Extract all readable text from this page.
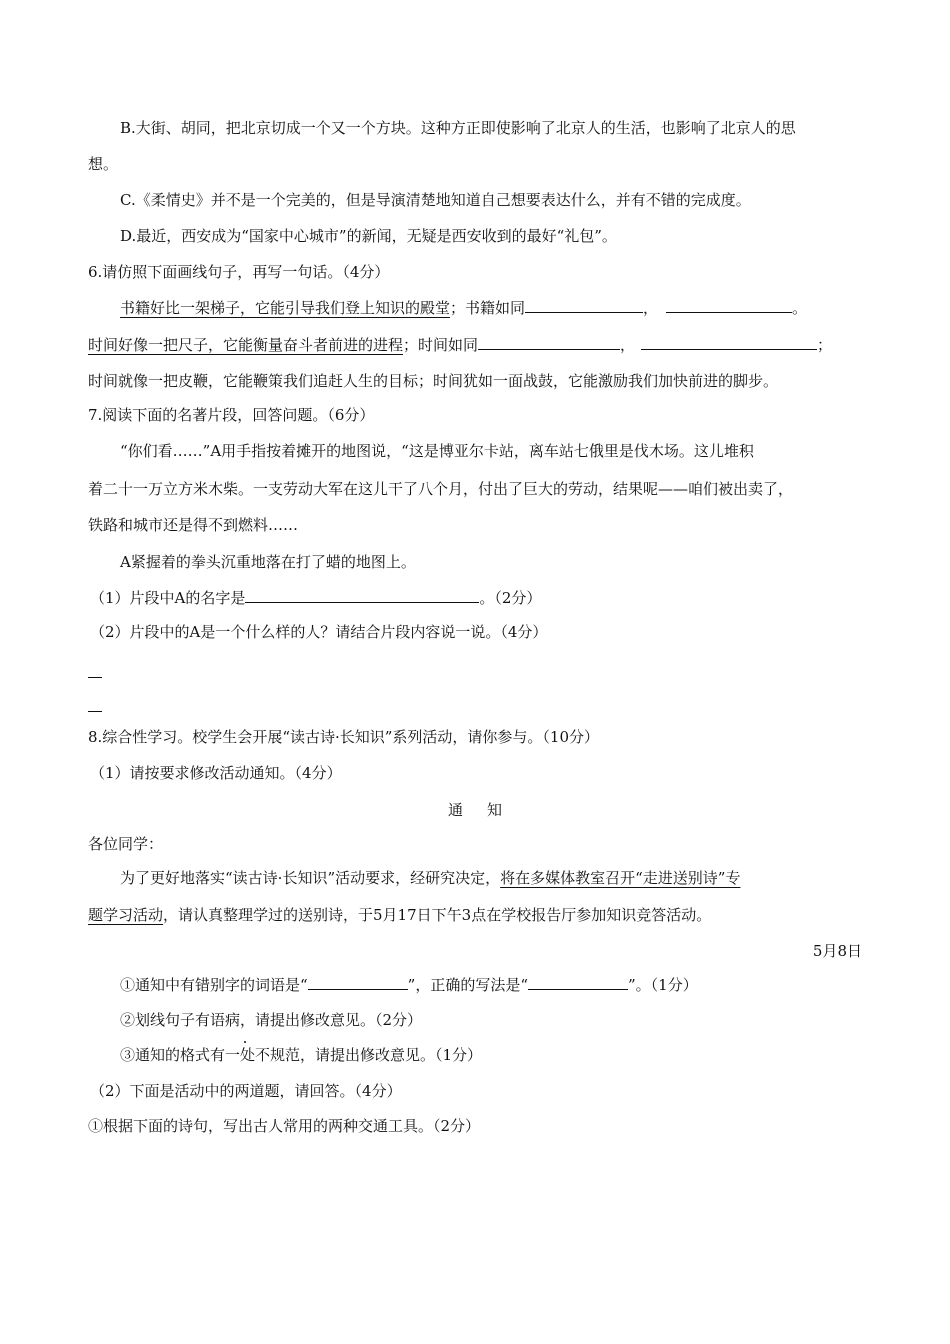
B.大街、胡同，把北京切成一个又一个方块。这种方正即使影响了北京人的生活，也影响了北京人的思
想。
C.《柔情史》并不是一个完美的，但是导演清楚地知道自己想要表达什么，并有不错的完成度。
D.最近，西安成为“国家中心城市”的新闻，无疑是西安收到的最好“礼包”。
6.请仿照下面画线句子，再写一句话。（4分）
书籍好比一架梯子，它能引导我们登上知识的殿堂；书籍如同	，	。
时间好像一把尺子，它能衡量奋斗者前进的进程；时间如同	，	；
时间就像一把皮鞭，它能鞭策我们追赶人生的目标；时间犹如一面战鼓，它能激励我们加快前进的脚步。
7.阅读下面的名著片段，回答问题。（6分）
“你们看……”A用手指按着摊开的地图说，“这是博亚尔卡站，离车站七俄里是伐木场。这儿堆积
着二十一万立方米木柴。一支劳动大军在这儿干了八个月，付出了巨大的劳动，结果呢——咱们被出卖了，
铁路和城市还是得不到燃料……
A紧握着的拳头沉重地落在打了蜡的地图上。
（1）片段中A的名字是	。（2分）
（2）片段中的A是一个什么样的人？请结合片段内容说一说。（4分）
8.综合性学习。校学生会开展“读古诗·长知识”系列活动，请你参与。（10分）
（1）请按要求修改活动通知。（4分）
通知
各位同学：
为了更好地落实“读古诗·长知识”活动要求，经研究决定，将在多媒体教室召开“走进送别诗”专
题学习活动，请认真整理学过的送别诗，于5月17日下午3点在学校报告厅参加知识竞答活动。
5月8日
①通知中有错别字的词语是“	”，正确的写法是“	”。（1分）
②划线句子有语病，请提出修改意见。（2分）
③通知的格式有一处不规范，请提出修改意见。（1分）
（2）下面是活动中的两道题，请回答。（4分）
①根据下面的诗句，写出古人常用的两种交通工具。（2分）
